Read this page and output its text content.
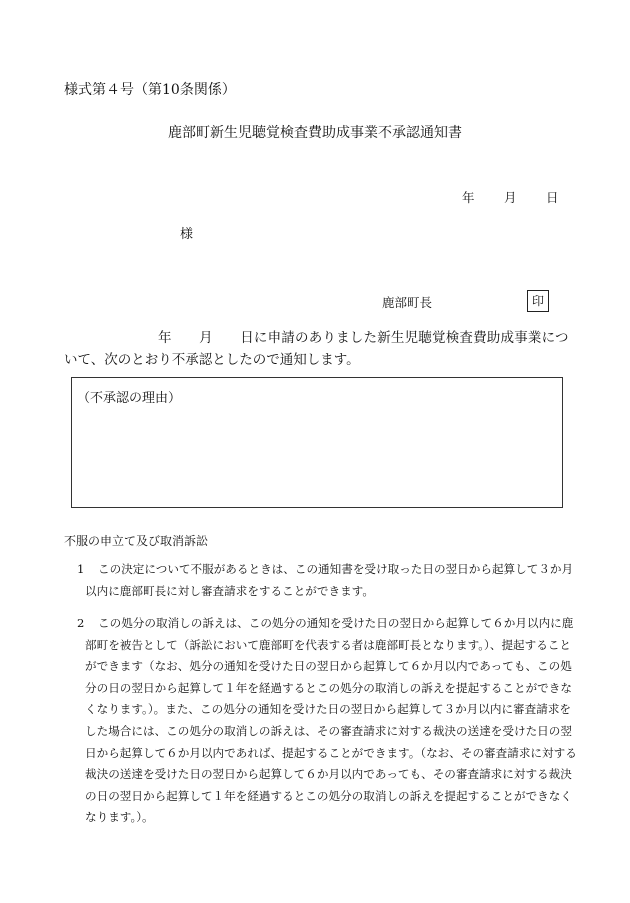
様式第４号（第10条関係）
鹿部町新生児聴覚検査費助成事業不承認通知書
年 月 日
様
鹿部町長	印
年　　月　　日に申請のありました新生児聴覚検査費助成事業につ
いて、次のとおり不承認としたので通知します。
（不承認の理由）
不服の申立て及び取消訴訟
1	この決定について不服があるときは、この通知書を受け取った日の翌日から起算して３か月以内に鹿部町長に対し審査請求をすることができます。
2	この処分の取消しの訴えは、この処分の通知を受けた日の翌日から起算して６か月以内に鹿部町を被告として（訴訟において鹿部町を代表する者は鹿部町長となります。）、提起することができます（なお、処分の通知を受けた日の翌日から起算して６か月以内であっても、この処分の日の翌日から起算して１年を経過するとこの処分の取消しの訴えを提起することができなくなります。）。また、この処分の通知を受けた日の翌日から起算して３か月以内に審査請求をした場合には、この処分の取消しの訴えは、その審査請求に対する裁決の送達を受けた日の翌日から起算して６か月以内であれば、提起することができます。（なお、その審査請求に対する裁決の送達を受けた日の翌日から起算して６か月以内であっても、その審査請求に対する裁決の日の翌日から起算して１年を経過するとこの処分の取消しの訴えを提起することができなくなります。）。
